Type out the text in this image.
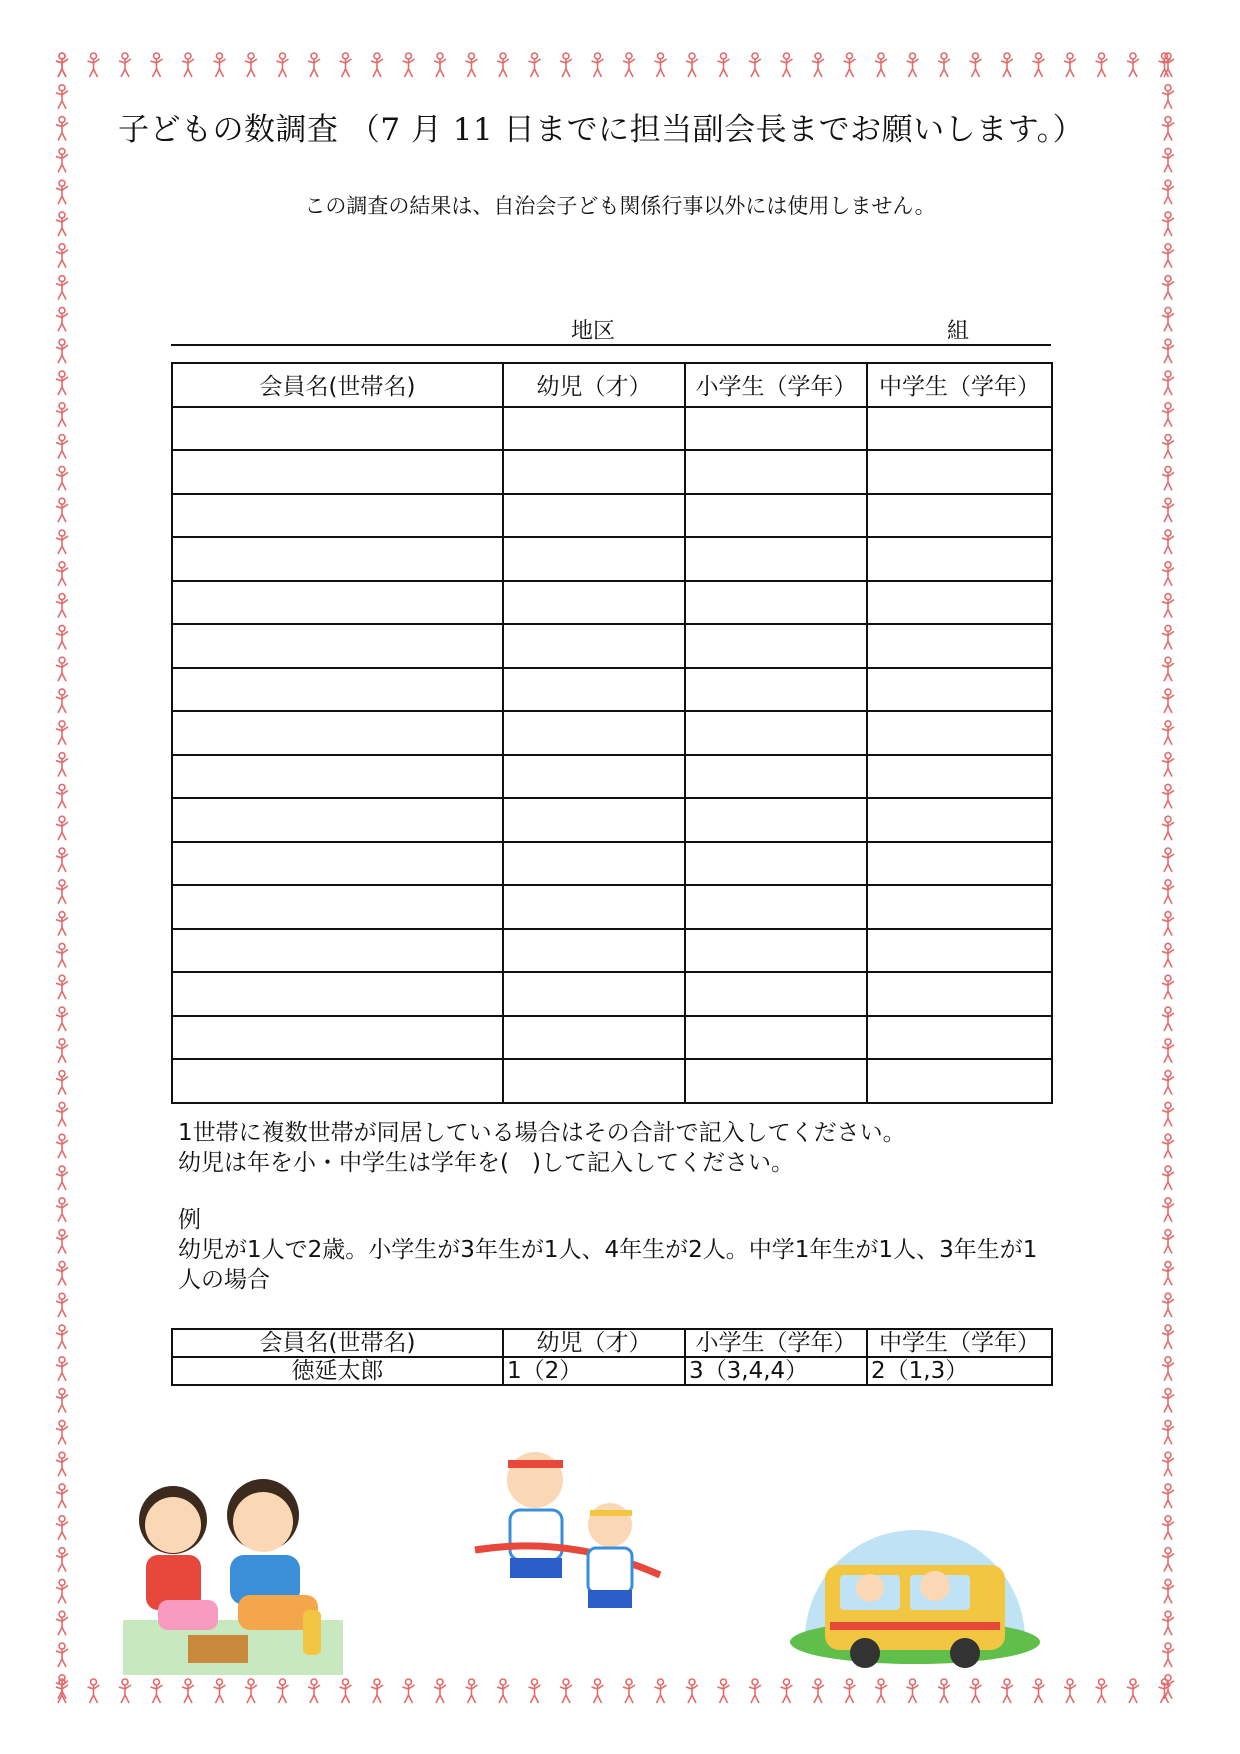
子どもの数調査 （7 月 11 日までに担当副会長までお願いします。）
この調査の結果は、自治会子ども関係行事以外には使用しません。
地区	組
会員名(世帯名)	幼児（才）	小学生（学年）	中学生（学年）

1世帯に複数世帯が同居している場合はその合計で記入してください。

幼児は年を小・中学生は学年を(　)して記入してください。

例

幼児が1人で2歳。小学生が3年生が1人、4年生が2人。中学1年生が1人、3年生が1人の場合

会員名(世帯名)	幼児（才）	小学生（学年）	中学生（学年）
徳延太郎	1（2）	3（3,4,4）	2（1,3）
